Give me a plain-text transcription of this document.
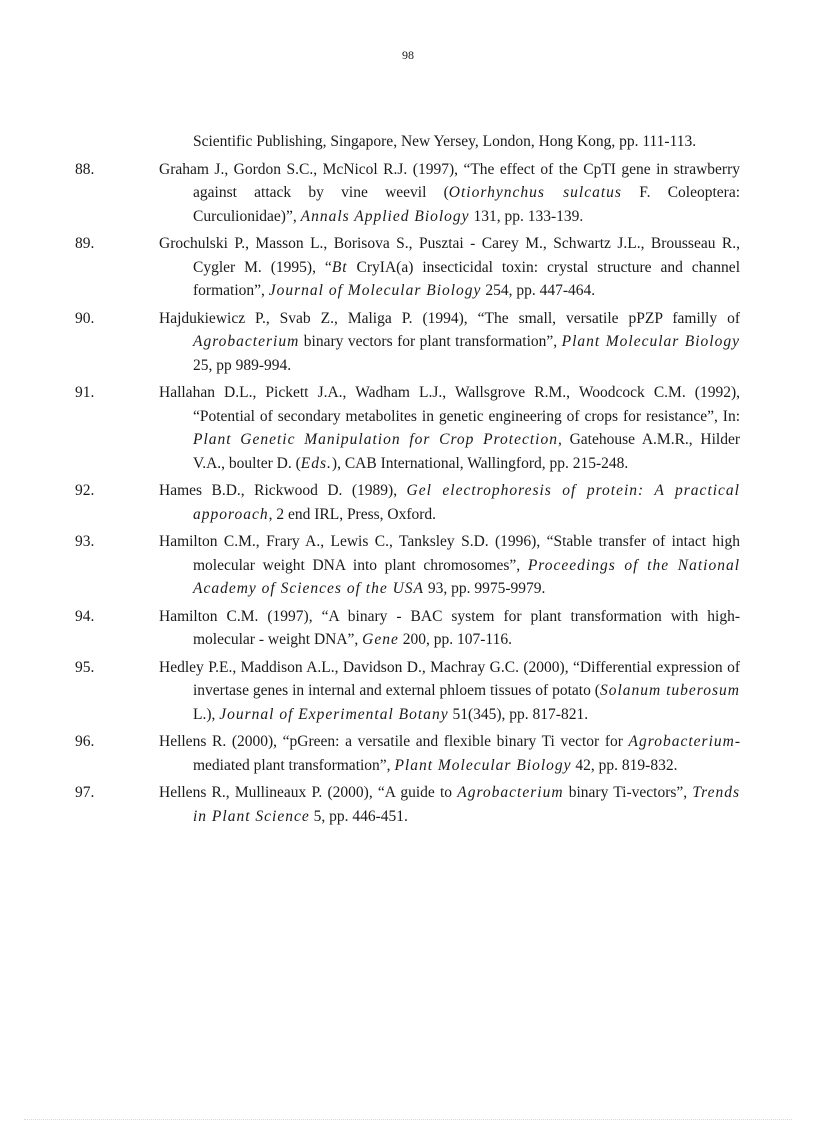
98

Scientific Publishing, Singapore, New Yersey, London, Hong Kong, pp. 111-113.

88.	Graham J., Gordon S.C., McNicol R.J. (1997), “The effect of the CpTI gene in strawberry against attack by vine weevil (Otiorhynchus sulcatus F. Coleoptera: Curculionidae)”, Annals Applied Biology 131, pp. 133-139.

89.	Grochulski P., Masson L., Borisova S., Pusztai - Carey M., Schwartz J.L., Brousseau R., Cygler M. (1995), “Bt CryIA(a) insecticidal toxin: crystal structure and channel formation”, Journal of Molecular Biology 254, pp. 447-464.

90.	Hajdukiewicz P., Svab Z., Maliga P. (1994), “The small, versatile pPZP familly of Agrobacterium binary vectors for plant transformation”, Plant Molecular Biology 25, pp 989-994.

91.	Hallahan D.L., Pickett J.A., Wadham L.J., Wallsgrove R.M., Woodcock C.M. (1992), “Potential of secondary metabolites in genetic engineering of crops for resistance”, In: Plant Genetic Manipulation for Crop Protection, Gatehouse A.M.R., Hilder V.A., boulter D. (Eds.), CAB International, Wallingford, pp. 215-248.

92.	Hames B.D., Rickwood D. (1989), Gel electrophoresis of protein: A practical apporoach, 2 end IRL, Press, Oxford.

93.	Hamilton C.M., Frary A., Lewis C., Tanksley S.D. (1996), “Stable transfer of intact high molecular weight DNA into plant chromosomes”, Proceedings of the National Academy of Sciences of the USA 93, pp. 9975-9979.

94.	Hamilton C.M. (1997), “A binary - BAC system for plant transformation with high-molecular - weight DNA”, Gene 200, pp. 107-116.

95.	Hedley P.E., Maddison A.L., Davidson D., Machray G.C. (2000), “Differential expression of invertase genes in internal and external phloem tissues of potato (Solanum tuberosum L.), Journal of Experimental Botany 51(345), pp. 817-821.

96.	Hellens R. (2000), “pGreen: a versatile and flexible binary Ti vector for Agrobacterium-mediated plant transformation”, Plant Molecular Biology 42, pp. 819-832.

97.	Hellens R., Mullineaux P. (2000), “A guide to Agrobacterium binary Ti-vectors”, Trends in Plant Science 5, pp. 446-451.
